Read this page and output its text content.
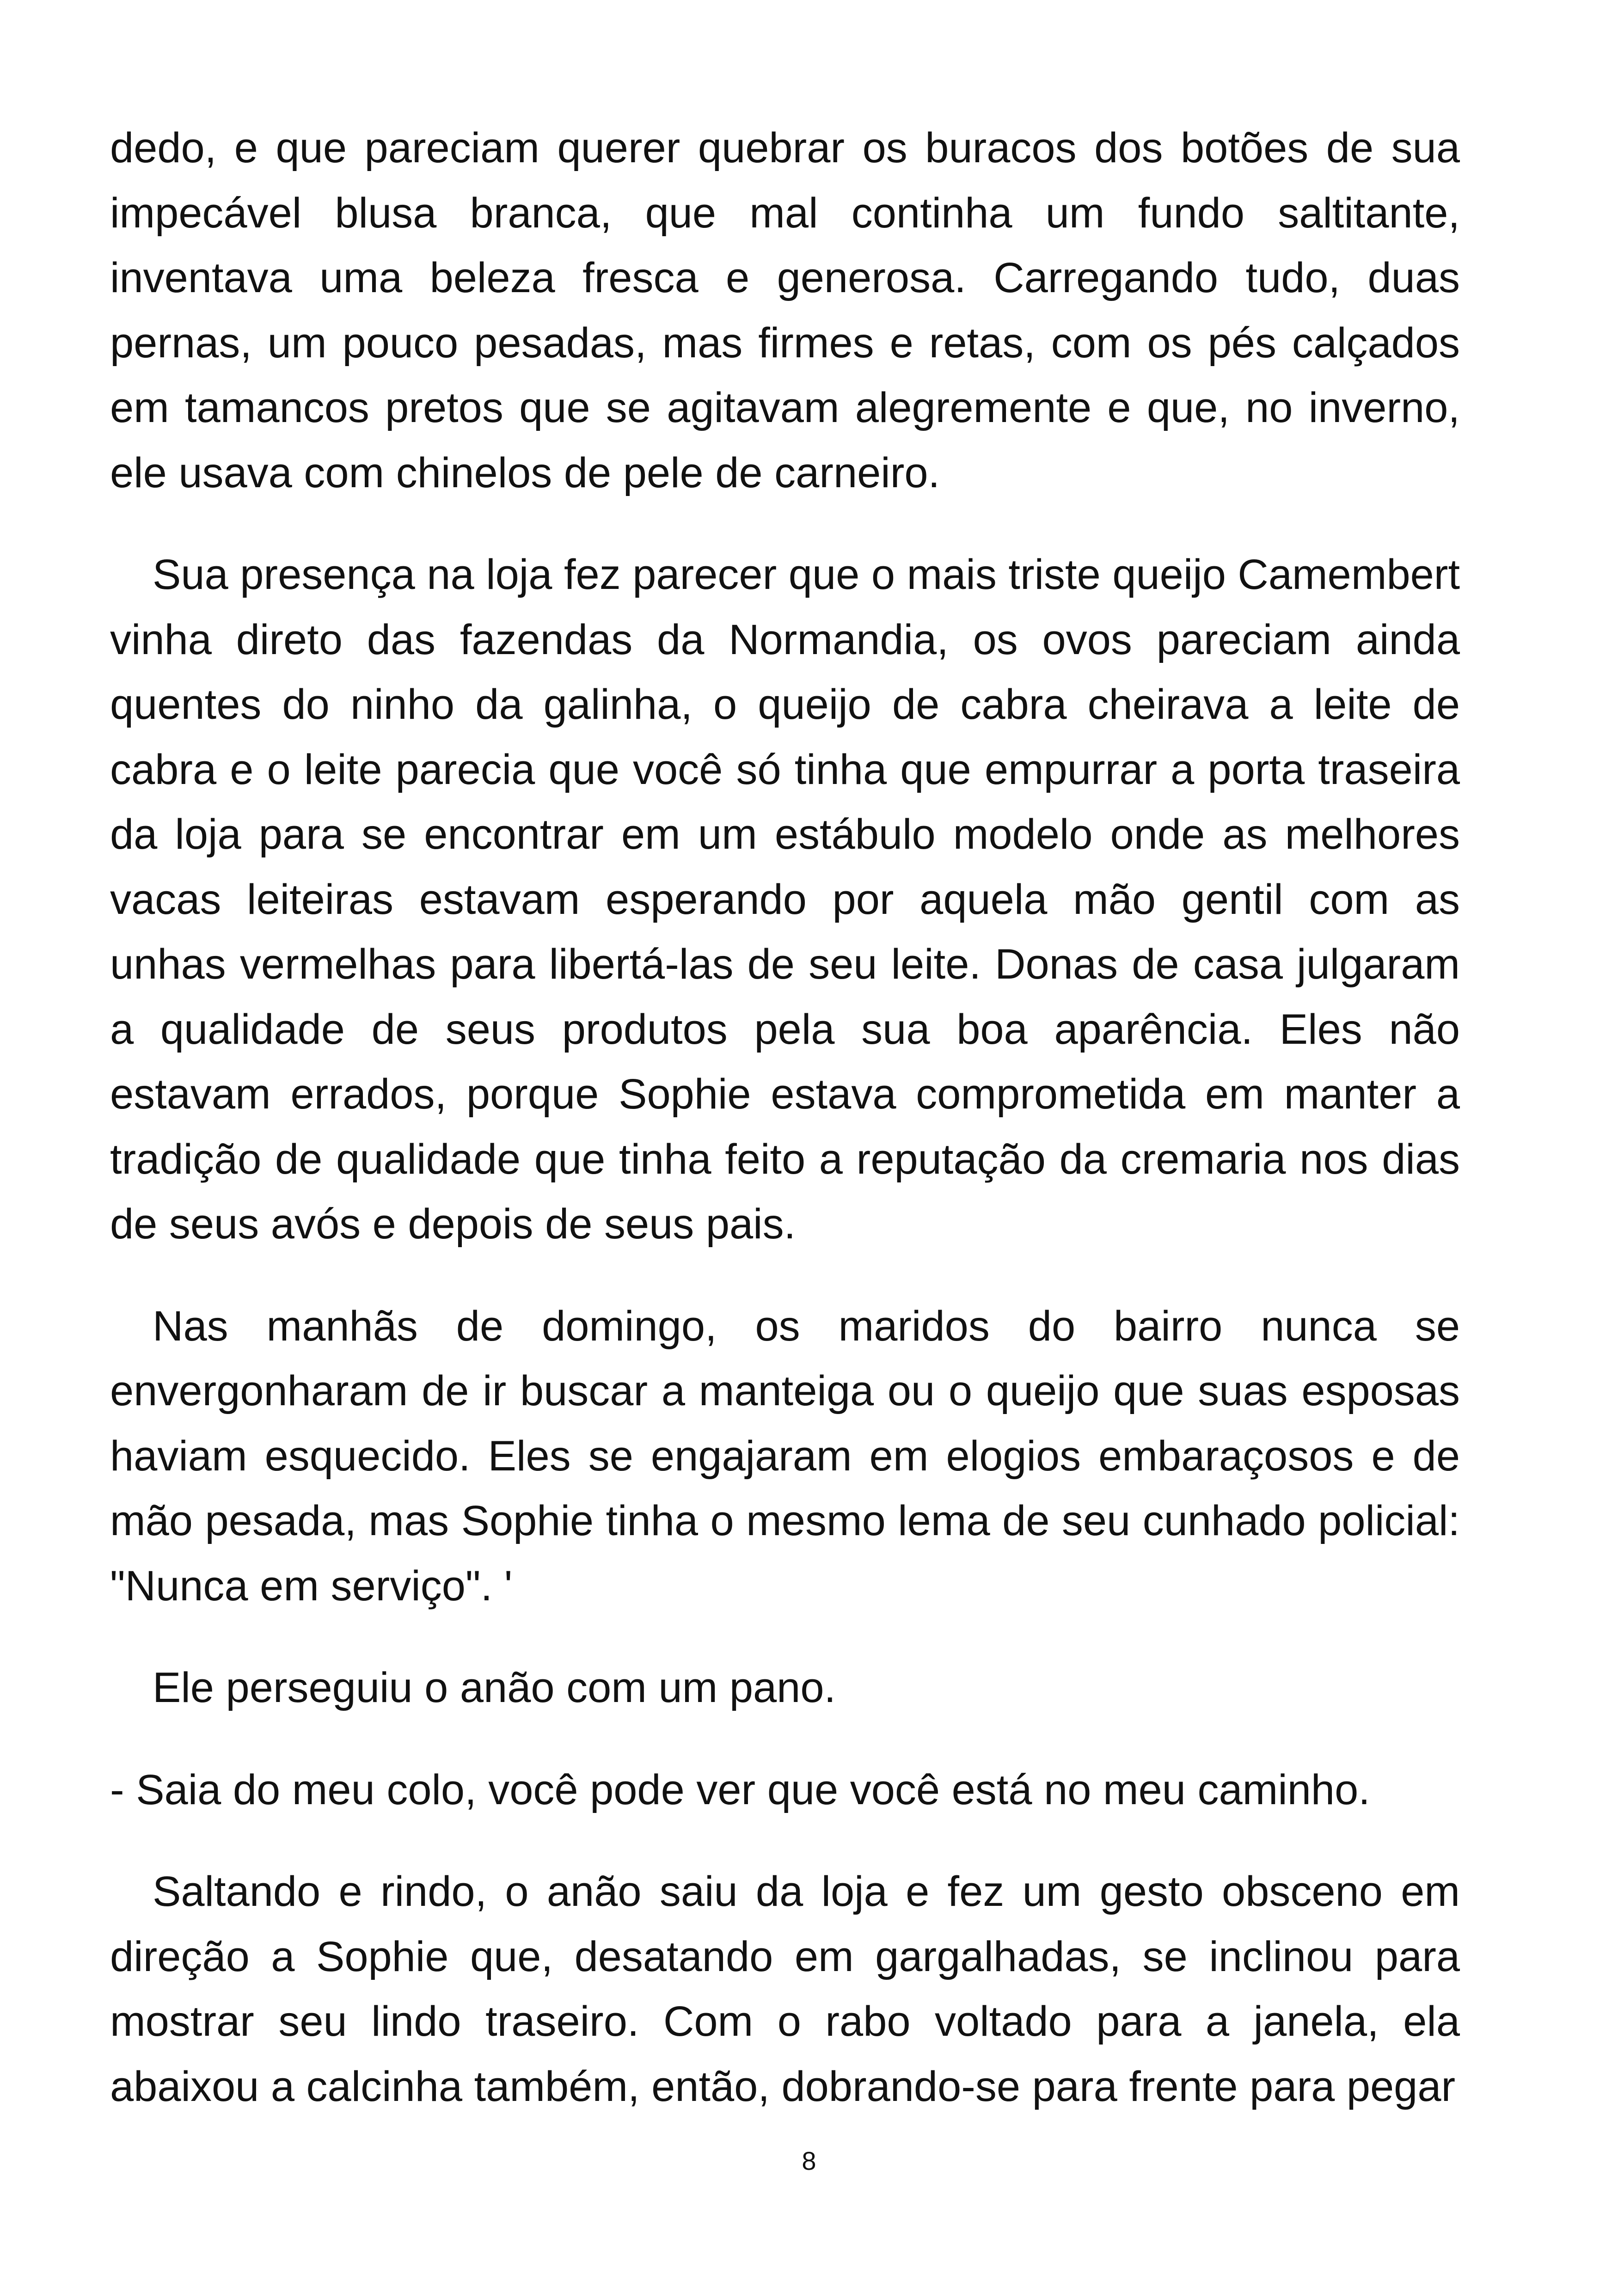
dedo, e que pareciam querer quebrar os buracos dos botões de sua impecável blusa branca, que mal continha um fundo saltitante, inventava uma beleza fresca e generosa. Carregando tudo, duas pernas, um pouco pesadas, mas firmes e retas, com os pés calçados em tamancos pretos que se agitavam alegremente e que, no inverno, ele usava com chinelos de pele de carneiro.

Sua presença na loja fez parecer que o mais triste queijo Camembert vinha direto das fazendas da Normandia, os ovos pareciam ainda quentes do ninho da galinha, o queijo de cabra cheirava a leite de cabra e o leite parecia que você só tinha que empurrar a porta traseira da loja para se encontrar em um estábulo modelo onde as melhores vacas leiteiras estavam esperando por aquela mão gentil com as unhas vermelhas para libertá-las de seu leite. Donas de casa julgaram a qualidade de seus produtos pela sua boa aparência. Eles não estavam errados, porque Sophie estava comprometida em manter a tradição de qualidade que tinha feito a reputação da cremaria nos dias de seus avós e depois de seus pais.

Nas manhãs de domingo, os maridos do bairro nunca se envergonharam de ir buscar a manteiga ou o queijo que suas esposas haviam esquecido. Eles se engajaram em elogios embaraçosos e de mão pesada, mas Sophie tinha o mesmo lema de seu cunhado policial: "Nunca em serviço". '

Ele perseguiu o anão com um pano.

- Saia do meu colo, você pode ver que você está no meu caminho.

Saltando e rindo, o anão saiu da loja e fez um gesto obsceno em direção a Sophie que, desatando em gargalhadas, se inclinou para mostrar seu lindo traseiro. Com o rabo voltado para a janela, ela abaixou a calcinha também, então, dobrando-se para frente para pegar

8
